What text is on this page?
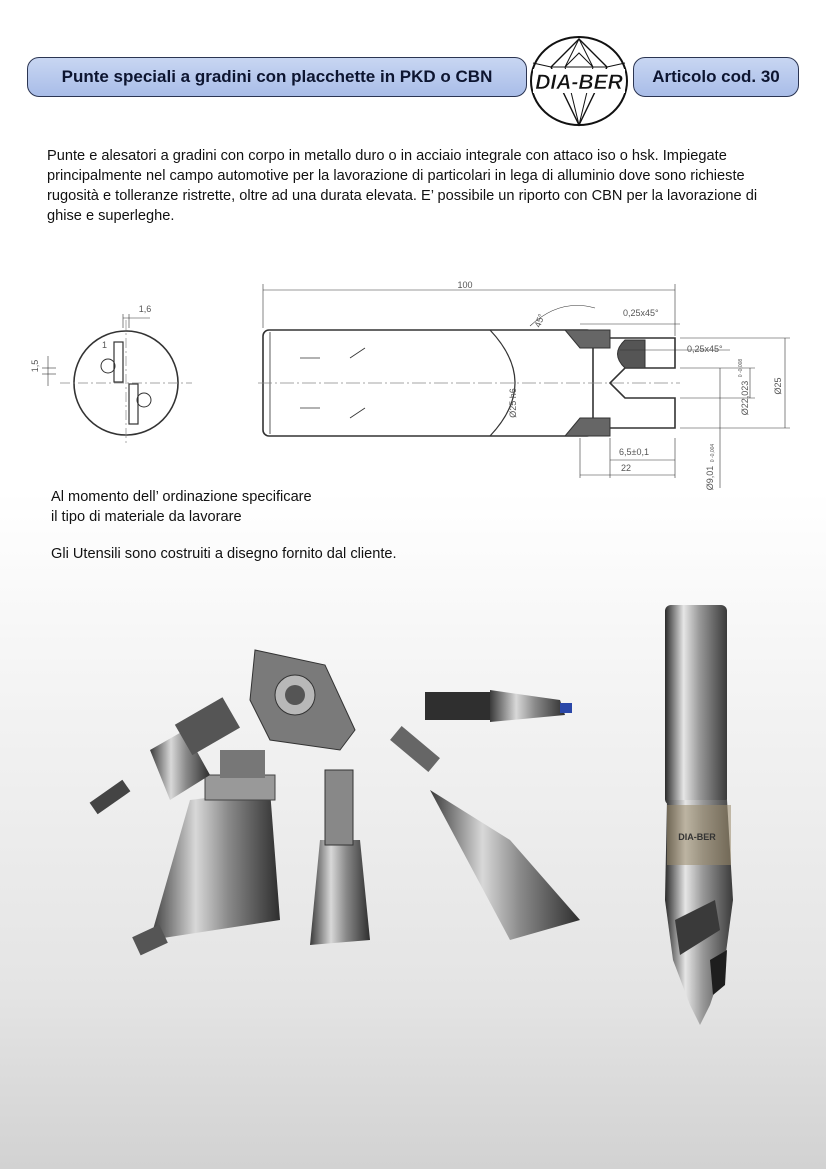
Punte speciali a gradini con placchette in PKD o CBN DIA-BER Articolo cod. 30

Punte e alesatori a gradini con corpo in metallo duro o in acciaio integrale con attaco iso o hsk. Impiegate principalmente nel campo automotive per la lavorazione di particolari in lega di alluminio dove sono richieste rugosità e tolleranze ristrette, oltre ad una durata elevata. E’ possibile un riporto con CBN per la lavorazione di ghise e superleghe.

1,6
1,5
1
100
45°	0,25x45°
0,25x45°
Ø25 h6	Ø22,023
0 -0,008
Ø25
Ø9,01
0 -0,004
6,5±0,1
22

Al momento dell’ ordinazione specificare
il tipo di materiale da lavorare

Gli Utensili sono costruiti a disegno fornito dal cliente.

DIA-BER
